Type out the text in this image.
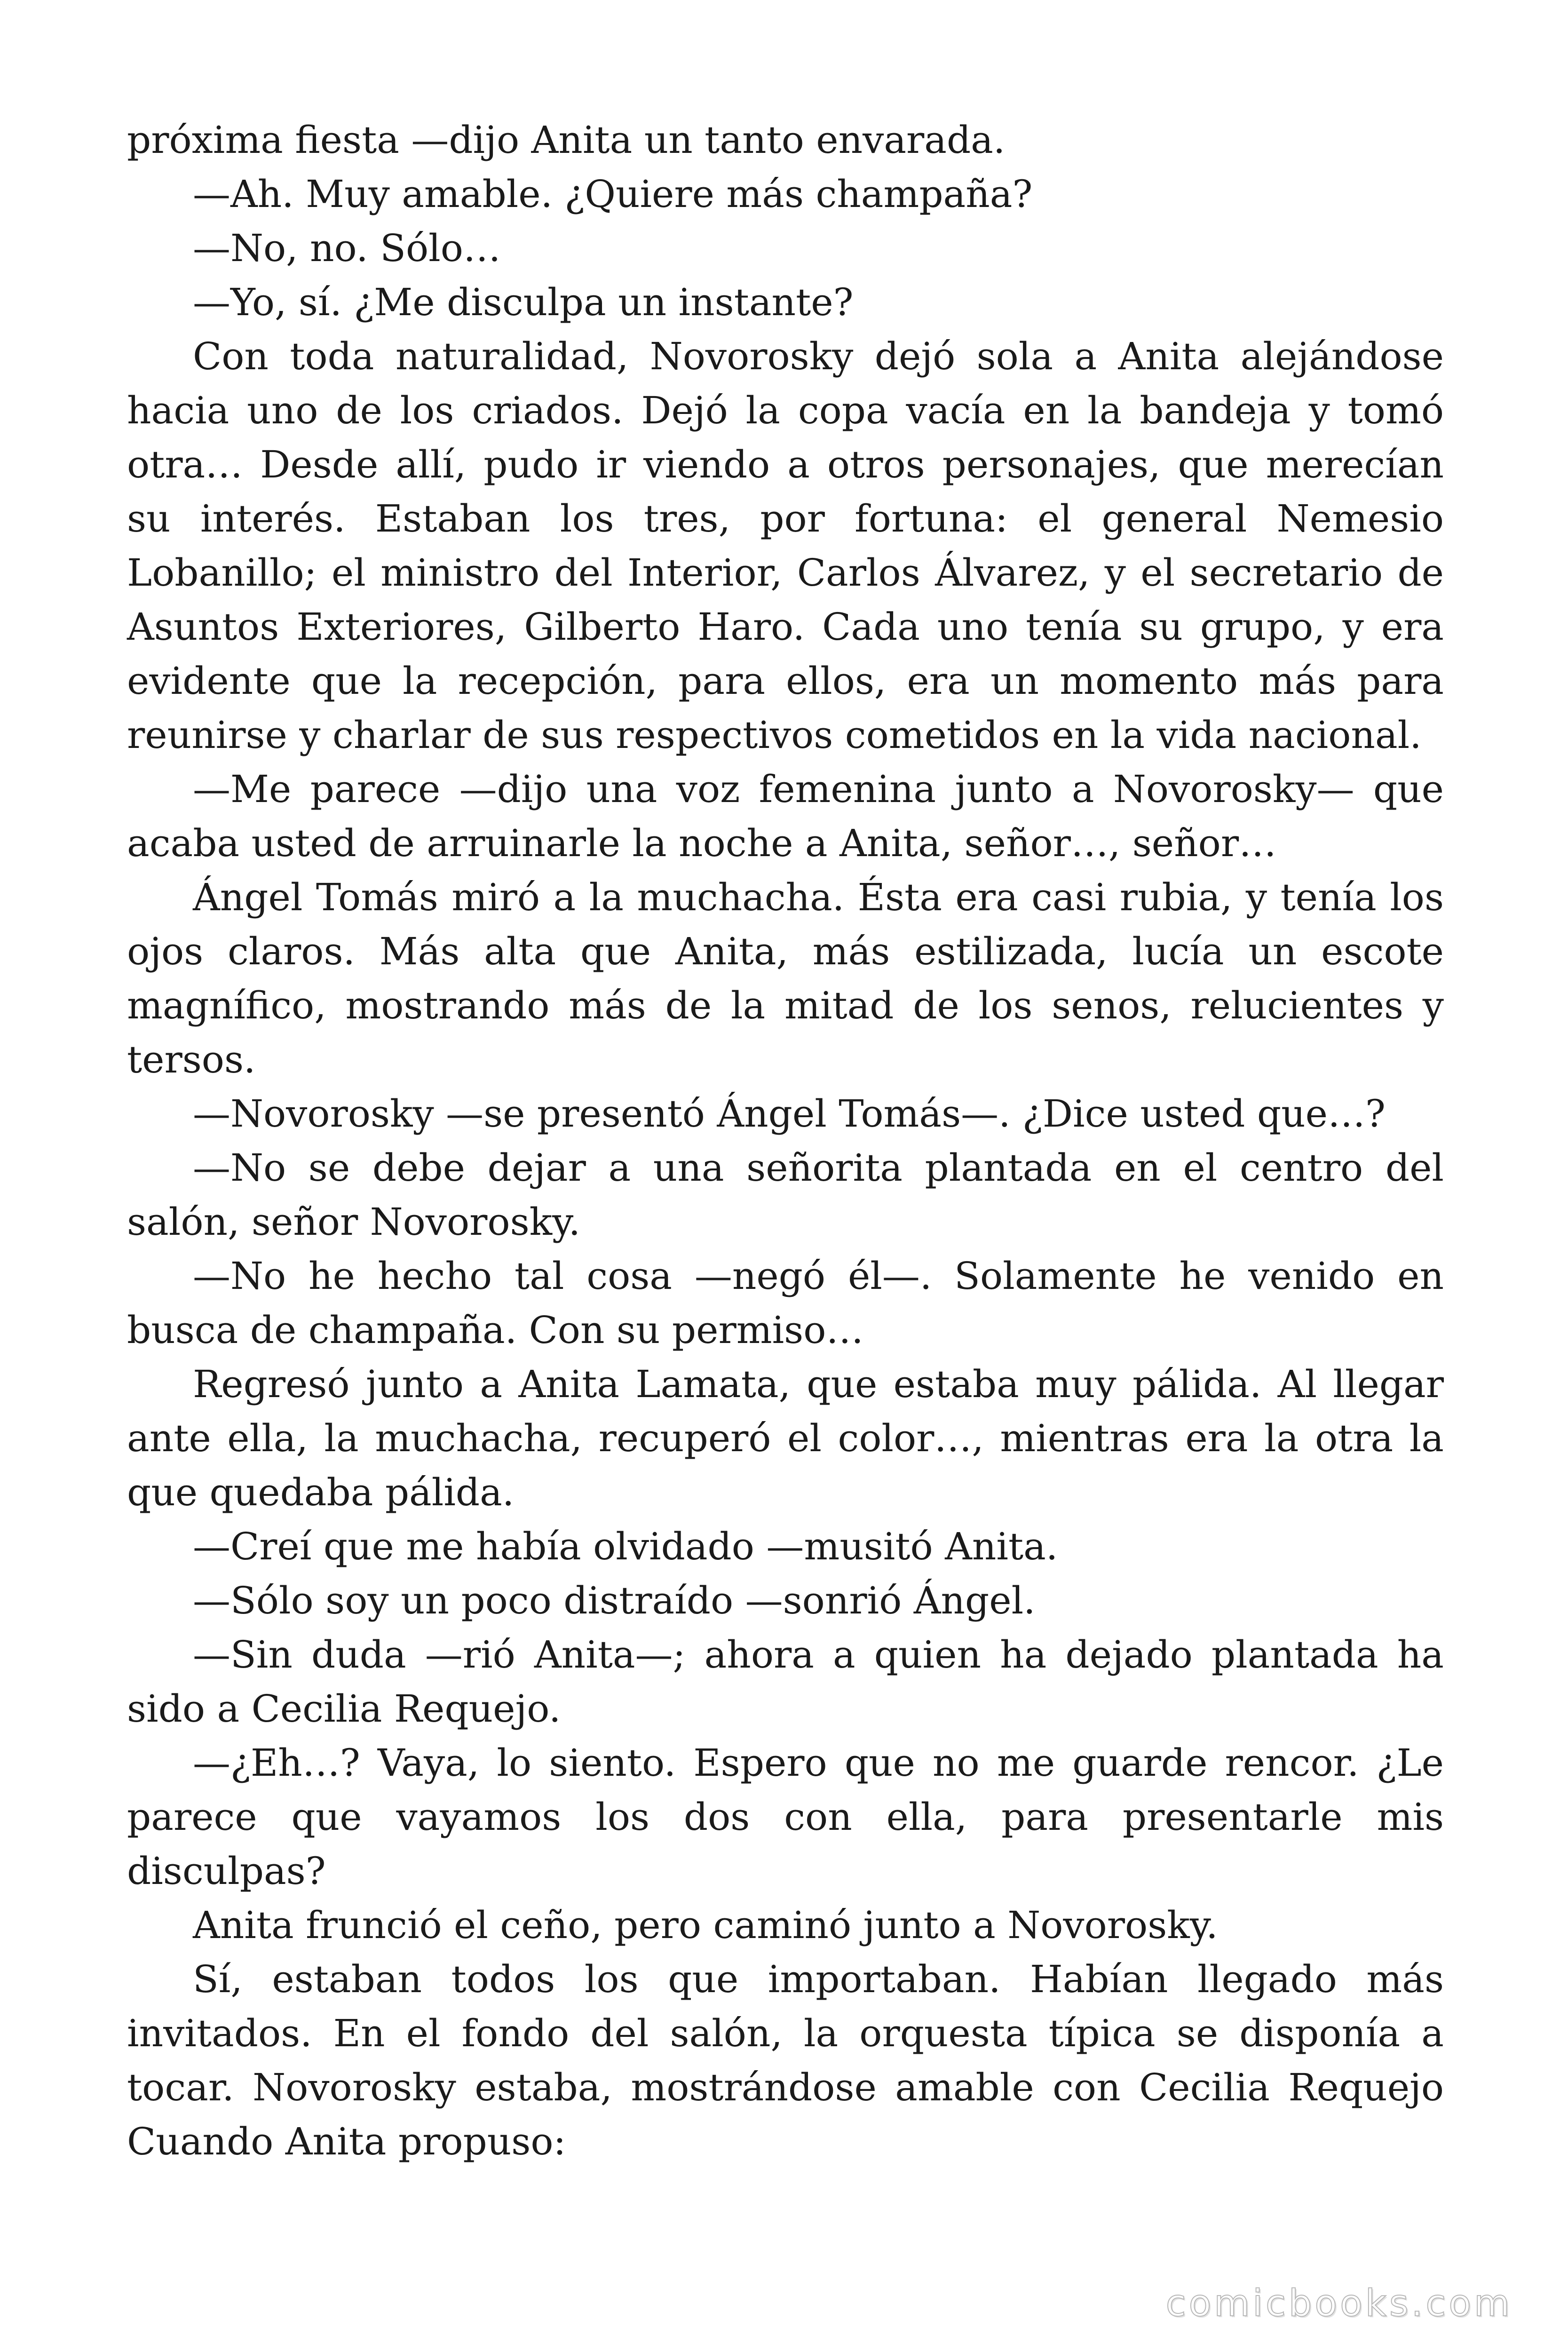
próxima fiesta —dijo Anita un tanto envarada.

—Ah. Muy amable. ¿Quiere más champaña?

—No, no. Sólo…

—Yo, sí. ¿Me disculpa un instante?

Con toda naturalidad, Novorosky dejó sola a Anita alejándose hacia uno de los criados. Dejó la copa vacía en la bandeja y tomó otra… Desde allí, pudo ir viendo a otros personajes, que merecían su interés. Estaban los tres, por fortuna: el general Nemesio Lobanillo; el ministro del Interior, Carlos Álvarez, y el secretario de Asuntos Exteriores, Gilberto Haro. Cada uno tenía su grupo, y era evidente que la recepción, para ellos, era un momento más para reunirse y charlar de sus respectivos cometidos en la vida nacional.

—Me parece —dijo una voz femenina junto a Novorosky— que acaba usted de arruinarle la noche a Anita, señor…, señor…

Ángel Tomás miró a la muchacha. Ésta era casi rubia, y tenía los ojos claros. Más alta que Anita, más estilizada, lucía un escote magnífico, mostrando más de la mitad de los senos, relucientes y tersos.

—Novorosky —se presentó Ángel Tomás—. ¿Dice usted que…?

—No se debe dejar a una señorita plantada en el centro del salón, señor Novorosky.

—No he hecho tal cosa —negó él—. Solamente he venido en busca de champaña. Con su permiso…

Regresó junto a Anita Lamata, que estaba muy pálida. Al llegar ante ella, la muchacha, recuperó el color…, mientras era la otra la que quedaba pálida.

—Creí que me había olvidado —musitó Anita.

—Sólo soy un poco distraído —sonrió Ángel.

—Sin duda —rió Anita—; ahora a quien ha dejado plantada ha sido a Cecilia Requejo.

—¿Eh…? Vaya, lo siento. Espero que no me guarde rencor. ¿Le parece que vayamos los dos con ella, para presentarle mis disculpas?

Anita frunció el ceño, pero caminó junto a Novorosky.

Sí, estaban todos los que importaban. Habían llegado más invitados. En el fondo del salón, la orquesta típica se disponía a tocar. Novorosky estaba, mostrándose amable con Cecilia Requejo Cuando Anita propuso:

comicbooks.com
